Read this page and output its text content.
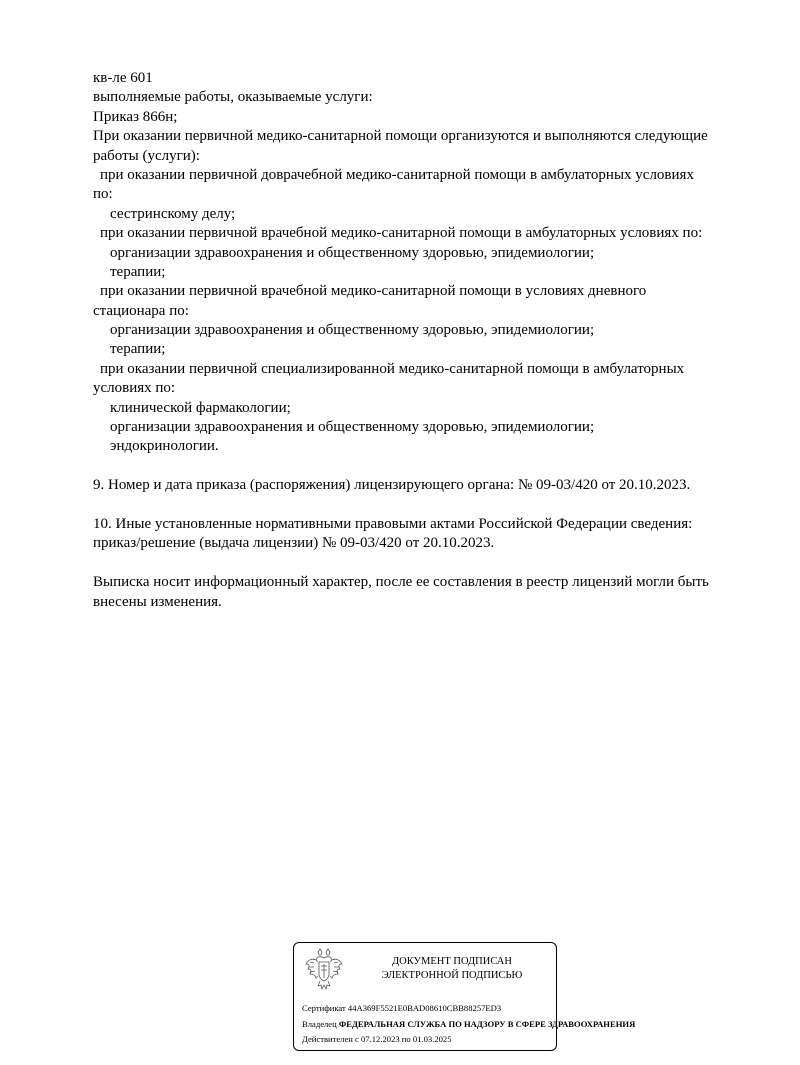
кв-ле 601
выполняемые работы, оказываемые услуги:
Приказ 866н;
При оказании первичной медико-санитарной помощи организуются и выполняются следующие
работы (услуги):
при оказании первичной доврачебной медико-санитарной помощи в амбулаторных условиях
по:
сестринскому делу;
при оказании первичной врачебной медико-санитарной помощи в амбулаторных условиях по:
организации здравоохранения и общественному здоровью, эпидемиологии;
терапии;
при оказании первичной врачебной медико-санитарной помощи в условиях дневного
стационара по:
организации здравоохранения и общественному здоровью, эпидемиологии;
терапии;
при оказании первичной специализированной медико-санитарной помощи в амбулаторных
условиях по:
клинической фармакологии;
организации здравоохранения и общественному здоровью, эпидемиологии;
эндокринологии.
9. Номер и дата приказа (распоряжения) лицензирующего органа: № 09-03/420 от 20.10.2023.
10. Иные установленные нормативными правовыми актами Российской Федерации сведения:
приказ/решение (выдача лицензии) № 09-03/420 от 20.10.2023.
Выписка носит информационный характер, после ее составления в реестр лицензий могли быть
внесены изменения.
ДОКУМЕНТ ПОДПИСАН
ЭЛЕКТРОННОЙ ПОДПИСЬЮ
Сертификат 44A369F5521E0BAD08610CBB88257ED3
Владелец ФЕДЕРАЛЬНАЯ СЛУЖБА ПО НАДЗОРУ В СФЕРЕ ЗДРАВООХРАНЕНИЯ
Действителен с 07.12.2023 по 01.03.2025
